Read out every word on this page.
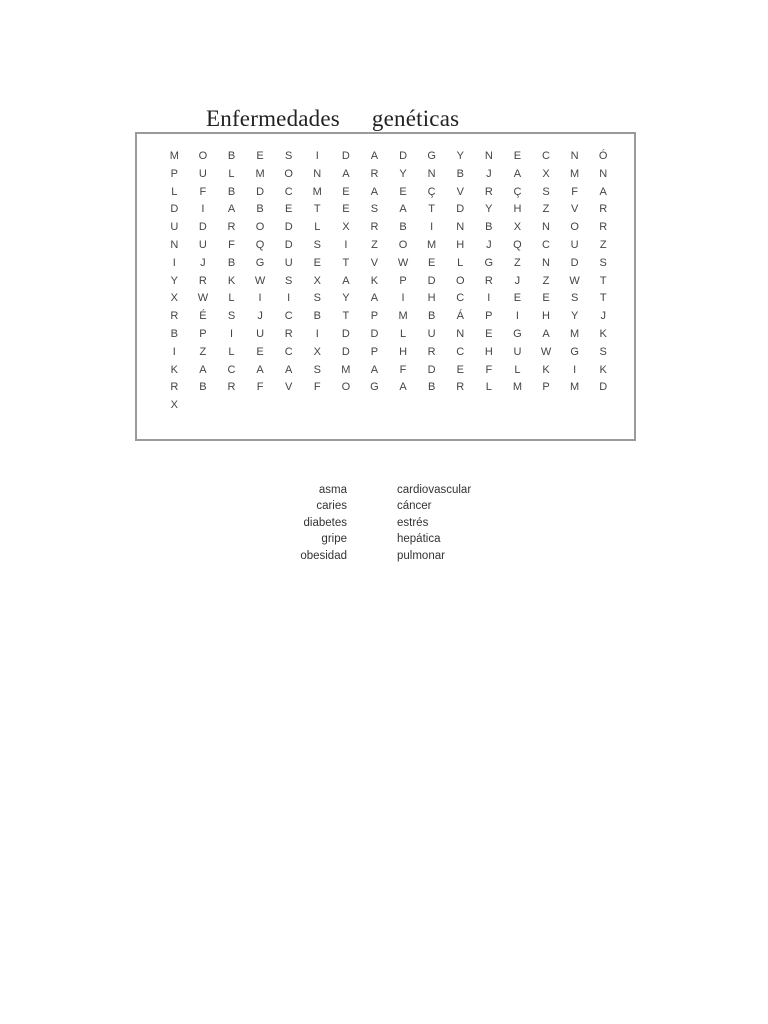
Enfermedades genéticas
M	O	B	E	S	I	D	A	D	G	Y	N	E	C	N	Ó
P	U	L	M	O	N	A	R	Y	N	B	J	A	X	M	N
L	F	B	D	C	M	E	A	E	Ç	V	R	Ç	S	F	A
D	I	A	B	E	T	E	S	A	T	D	Y	H	Z	V	R
U	D	R	O	D	L	X	R	B	I	N	B	X	N	O	R
N	U	F	Q	D	S	I	Z	O	M	H	J	Q	C	U	Z
I	J	B	G	U	E	T	V	W	E	L	G	Z	N	D	S
Y	R	K	W	S	X	A	K	P	D	O	R	J	Z	W	T
X	W	L	I	I	S	Y	A	I	H	C	I	E	E	S	T
R	É	S	J	C	B	T	P	M	B	Á	P	I	H	Y	J
B	P	I	U	R	I	D	D	L	U	N	E	G	A	M	K
I	Z	L	E	C	X	D	P	H	R	C	H	U	W	G	S
K	A	C	A	A	S	M	A	F	D	E	F	L	K	I	K
R	B	R	F	V	F	O	G	A	B	R	L	M	P	M	D
X
asma
caries
diabetes
gripe
obesidad
cardiovascular
cáncer
estrés
hepática
pulmonar
